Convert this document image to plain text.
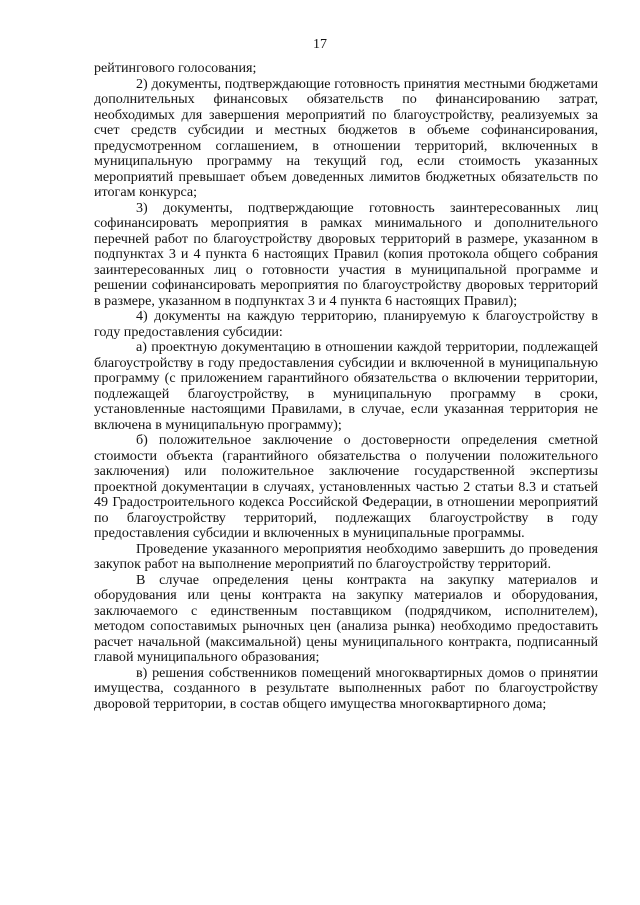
17

рейтингового голосования;

2) документы, подтверждающие готовность принятия местными бюджетами дополнительных финансовых обязательств по финансированию затрат, необходимых для завершения мероприятий по благоустройству, реализуемых за счет средств субсидии и местных бюджетов в объеме софинансирования, предусмотренном соглашением, в отношении территорий, включенных в муниципальную программу на текущий год, если стоимость указанных мероприятий превышает объем доведенных лимитов бюджетных обязательств по итогам конкурса;

3) документы, подтверждающие готовность заинтересованных лиц софинансировать мероприятия в рамках минимального и дополнительного перечней работ по благоустройству дворовых территорий в размере, указанном в подпунктах 3 и 4 пункта 6 настоящих Правил (копия протокола общего собрания заинтересованных лиц о готовности участия в муниципальной программе и решении софинансировать мероприятия по благоустройству дворовых территорий в размере, указанном в подпунктах 3 и 4 пункта 6 настоящих Правил);

4) документы на каждую территорию, планируемую к благоустройству в году предоставления субсидии:

а) проектную документацию в отношении каждой территории, подлежащей благоустройству в году предоставления субсидии и включенной в муниципальную программу (с приложением гарантийного обязательства о включении территории, подлежащей благоустройству, в муниципальную программу в сроки, установленные настоящими Правилами, в случае, если указанная территория не включена в муниципальную программу);

б) положительное заключение о достоверности определения сметной стоимости объекта (гарантийного обязательства о получении положительного заключения) или положительное заключение государственной экспертизы проектной документации в случаях, установленных частью 2 статьи 8.3 и статьей 49 Градостроительного кодекса Российской Федерации, в отношении мероприятий по благоустройству территорий, подлежащих благоустройству в году предоставления субсидии и включенных в муниципальные программы.

Проведение указанного мероприятия необходимо завершить до проведения закупок работ на выполнение мероприятий по благоустройству территорий.

В случае определения цены контракта на закупку материалов и оборудования или цены контракта на закупку материалов и оборудования, заключаемого с единственным поставщиком (подрядчиком, исполнителем), методом сопоставимых рыночных цен (анализа рынка) необходимо предоставить расчет начальной (максимальной) цены муниципального контракта, подписанный главой муниципального образования;

в) решения собственников помещений многоквартирных домов о принятии имущества, созданного в результате выполненных работ по благоустройству дворовой территории, в состав общего имущества многоквартирного дома;
